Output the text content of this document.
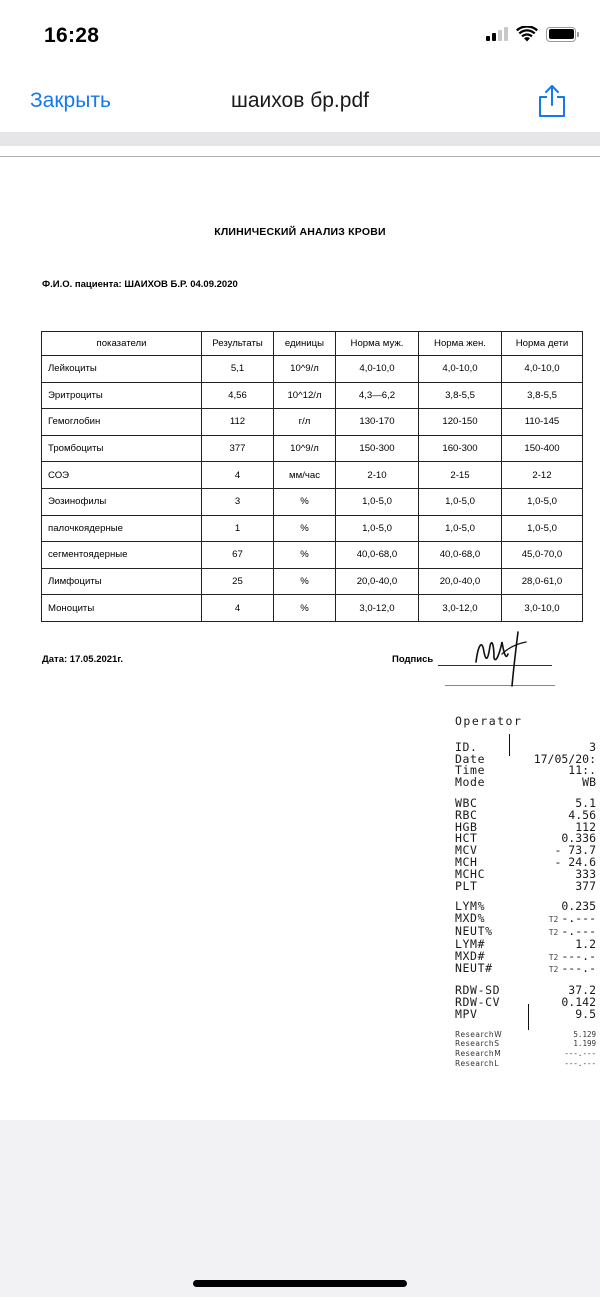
16:28
Закрыть	шаихов бр.pdf
КЛИНИЧЕСКИЙ АНАЛИЗ КРОВИ
Ф.И.О. пациента: ШАИХОВ Б.Р. 04.09.2020
показатели	Результаты	единицы	Норма муж.	Норма жен.	Норма дети
Лейкоциты	5,1	10^9/л	4,0-10,0	4,0-10,0	4,0-10,0
Эритроциты	4,56	10^12/л	4,3—6,2	3,8-5,5	3,8-5,5
Гемоглобин	112	г/л	130-170	120-150	110-145
Тромбоциты	377	10^9/л	150-300	160-300	150-400
СОЭ	4	мм/час	2-10	2-15	2-12
Эозинофилы	3	%	1,0-5,0	1,0-5,0	1,0-5,0
палочкоядерные	1	%	1,0-5,0	1,0-5,0	1,0-5,0
сегментоядерные	67	%	40,0-68,0	40,0-68,0	45,0-70,0
Лимфоциты	25	%	20,0-40,0	20,0-40,0	28,0-61,0
Моноциты	4	%	3,0-12,0	3,0-12,0	3,0-10,0
Дата: 17.05.2021г.	Подпись
Operator
ID.	3
Date	17/05/20:
Time	11:.
Mode	WB
WBC	5.1
RBC	4.56
HGB	112
HCT	0.336
MCV	- 73.7
MCH	- 24.6
MCHC	333
PLT	377
LYM%	0.235
MXD%	T2 -.---
NEUT%	T2 -.---
LYM#	1.2
MXD#	T2 ---.-
NEUT#	T2 ---.-
RDW-SD	37.2
RDW-CV	0.142
MPV	9.5
ResearchW	5.129
ResearchS	1.199
ResearchM	---.---
ResearchL	---.---
